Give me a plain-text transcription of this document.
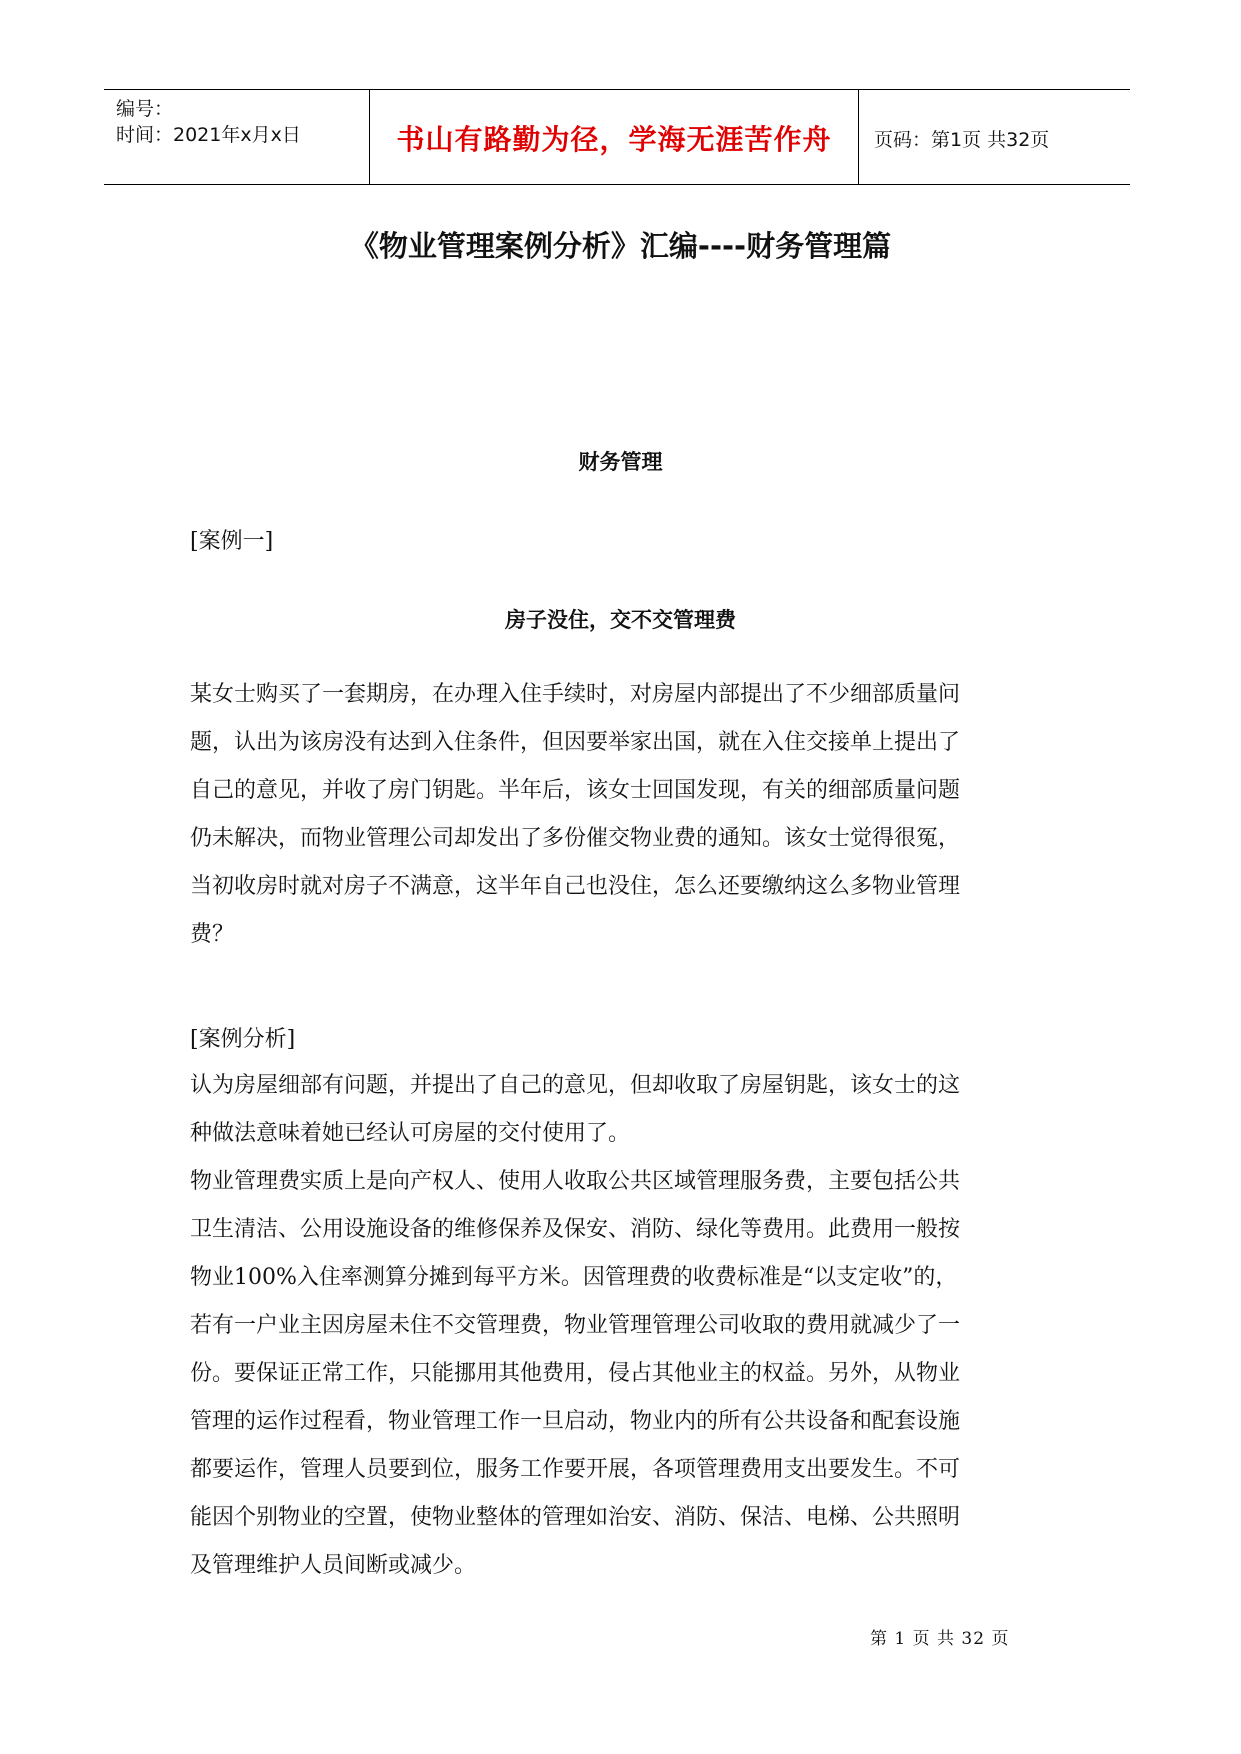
编号：
时间：2021年x月x日	书山有路勤为径，学海无涯苦作舟	页码：第1页 共32页
《物业管理案例分析》汇编----财务管理篇
财务管理
[案例一]
房子没住，交不交管理费
某女士购买了一套期房，在办理入住手续时，对房屋内部提出了不少细部质量问
题，认出为该房没有达到入住条件，但因要举家出国，就在入住交接单上提出了
自己的意见，并收了房门钥匙。半年后，该女士回国发现，有关的细部质量问题
仍未解决，而物业管理公司却发出了多份催交物业费的通知。该女士觉得很冤，
当初收房时就对房子不满意，这半年自己也没住，怎么还要缴纳这么多物业管理
费？
[案例分析]
认为房屋细部有问题，并提出了自己的意见，但却收取了房屋钥匙，该女士的这
种做法意味着她已经认可房屋的交付使用了。
物业管理费实质上是向产权人、使用人收取公共区域管理服务费，主要包括公共
卫生清洁、公用设施设备的维修保养及保安、消防、绿化等费用。此费用一般按
物业100%入住率测算分摊到每平方米。因管理费的收费标准是“以支定收”的，
若有一户业主因房屋未住不交管理费，物业管理管理公司收取的费用就减少了一
份。要保证正常工作，只能挪用其他费用，侵占其他业主的权益。另外，从物业
管理的运作过程看，物业管理工作一旦启动，物业内的所有公共设备和配套设施
都要运作，管理人员要到位，服务工作要开展，各项管理费用支出要发生。不可
能因个别物业的空置，使物业整体的管理如治安、消防、保洁、电梯、公共照明
及管理维护人员间断或减少。
第 1 页 共 32 页
